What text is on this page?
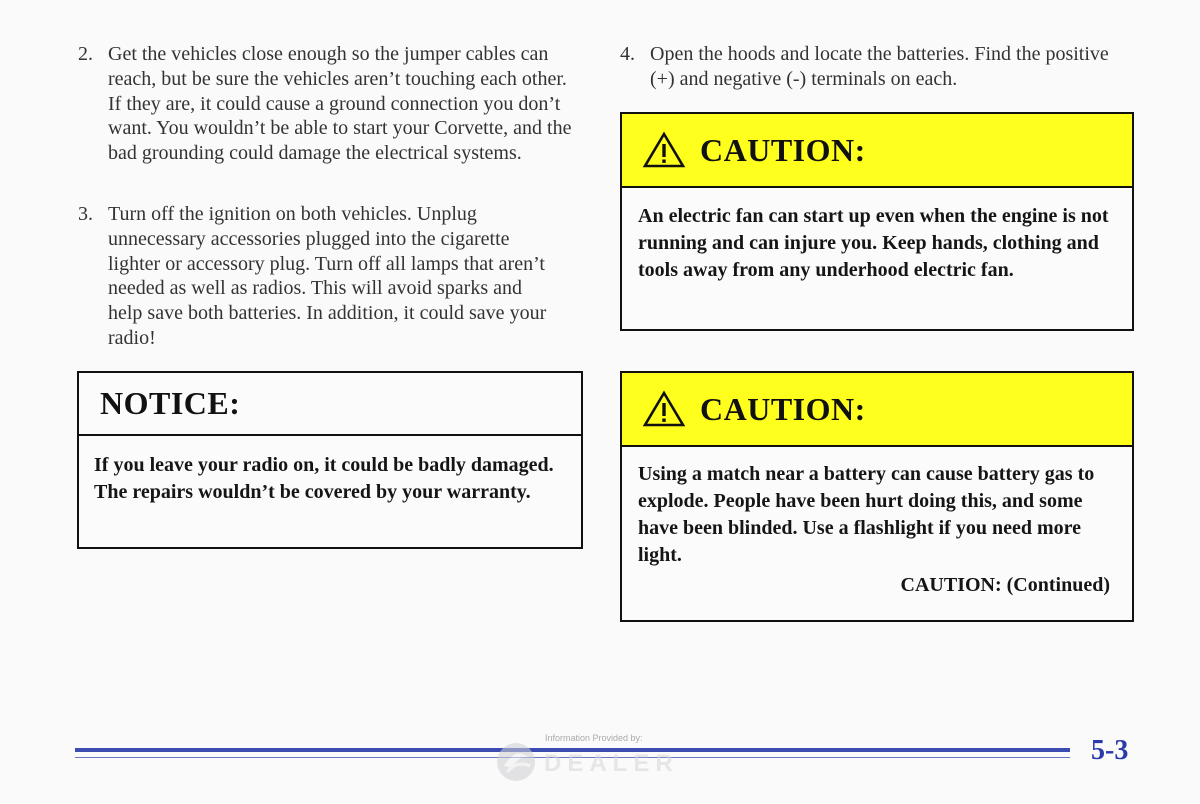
2. Get the vehicles close enough so the jumper cables can reach, but be sure the vehicles aren’t touching each other. If they are, it could cause a ground connection you don’t want. You wouldn’t be able to start your Corvette, and the bad grounding could damage the electrical systems.
3. Turn off the ignition on both vehicles. Unplug unnecessary accessories plugged into the cigarette lighter or accessory plug. Turn off all lamps that aren’t needed as well as radios. This will avoid sparks and help save both batteries. In addition, it could save your radio!
4. Open the hoods and locate the batteries. Find the positive (+) and negative (-) terminals on each.
NOTICE:
If you leave your radio on, it could be badly damaged. The repairs wouldn’t be covered by your warranty.
CAUTION:
An electric fan can start up even when the engine is not running and can injure you. Keep hands, clothing and tools away from any underhood electric fan.
CAUTION:
Using a match near a battery can cause battery gas to explode. People have been hurt doing this, and some have been blinded. Use a flashlight if you need more light.
CAUTION: (Continued)
Information Provided by:
DEALER	5-3
